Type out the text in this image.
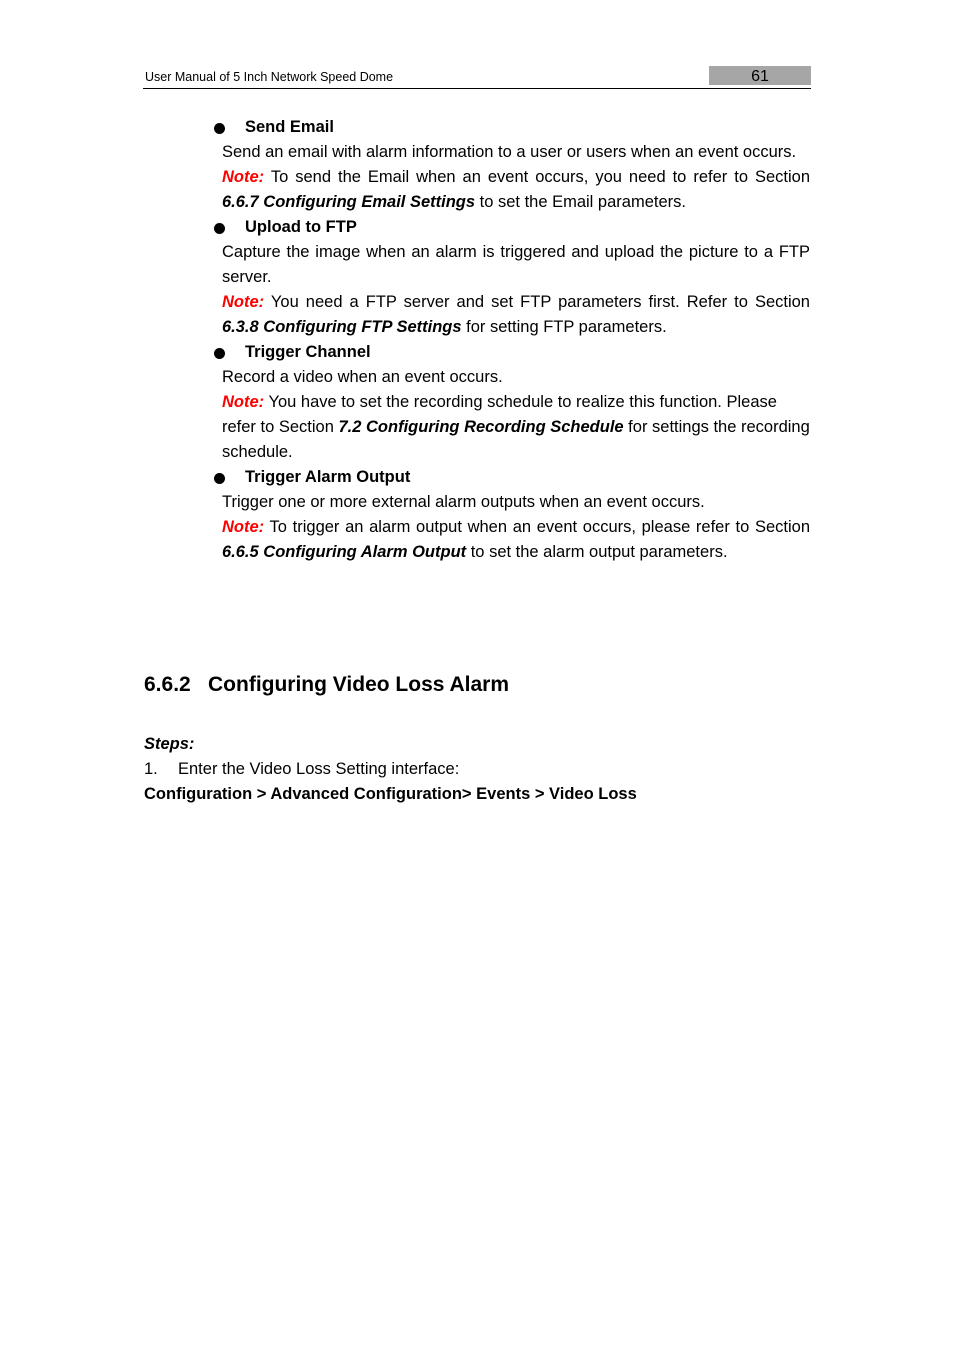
User Manual of 5 Inch Network Speed Dome	61
Send Email
Send an email with alarm information to a user or users when an event occurs.
Note: To send the Email when an event occurs, you need to refer to Section 6.6.7 Configuring Email Settings to set the Email parameters.
Upload to FTP
Capture the image when an alarm is triggered and upload the picture to a FTP server.
Note: You need a FTP server and set FTP parameters first. Refer to Section 6.3.8 Configuring FTP Settings for setting FTP parameters.
Trigger Channel
Record a video when an event occurs.
Note: You have to set the recording schedule to realize this function. Please refer to Section 7.2 Configuring Recording Schedule for settings the recording schedule.
Trigger Alarm Output
Trigger one or more external alarm outputs when an event occurs.
Note: To trigger an alarm output when an event occurs, please refer to Section 6.6.5 Configuring Alarm Output to set the alarm output parameters.
6.6.2 Configuring Video Loss Alarm
Steps:
1. Enter the Video Loss Setting interface:
Configuration > Advanced Configuration> Events > Video Loss
